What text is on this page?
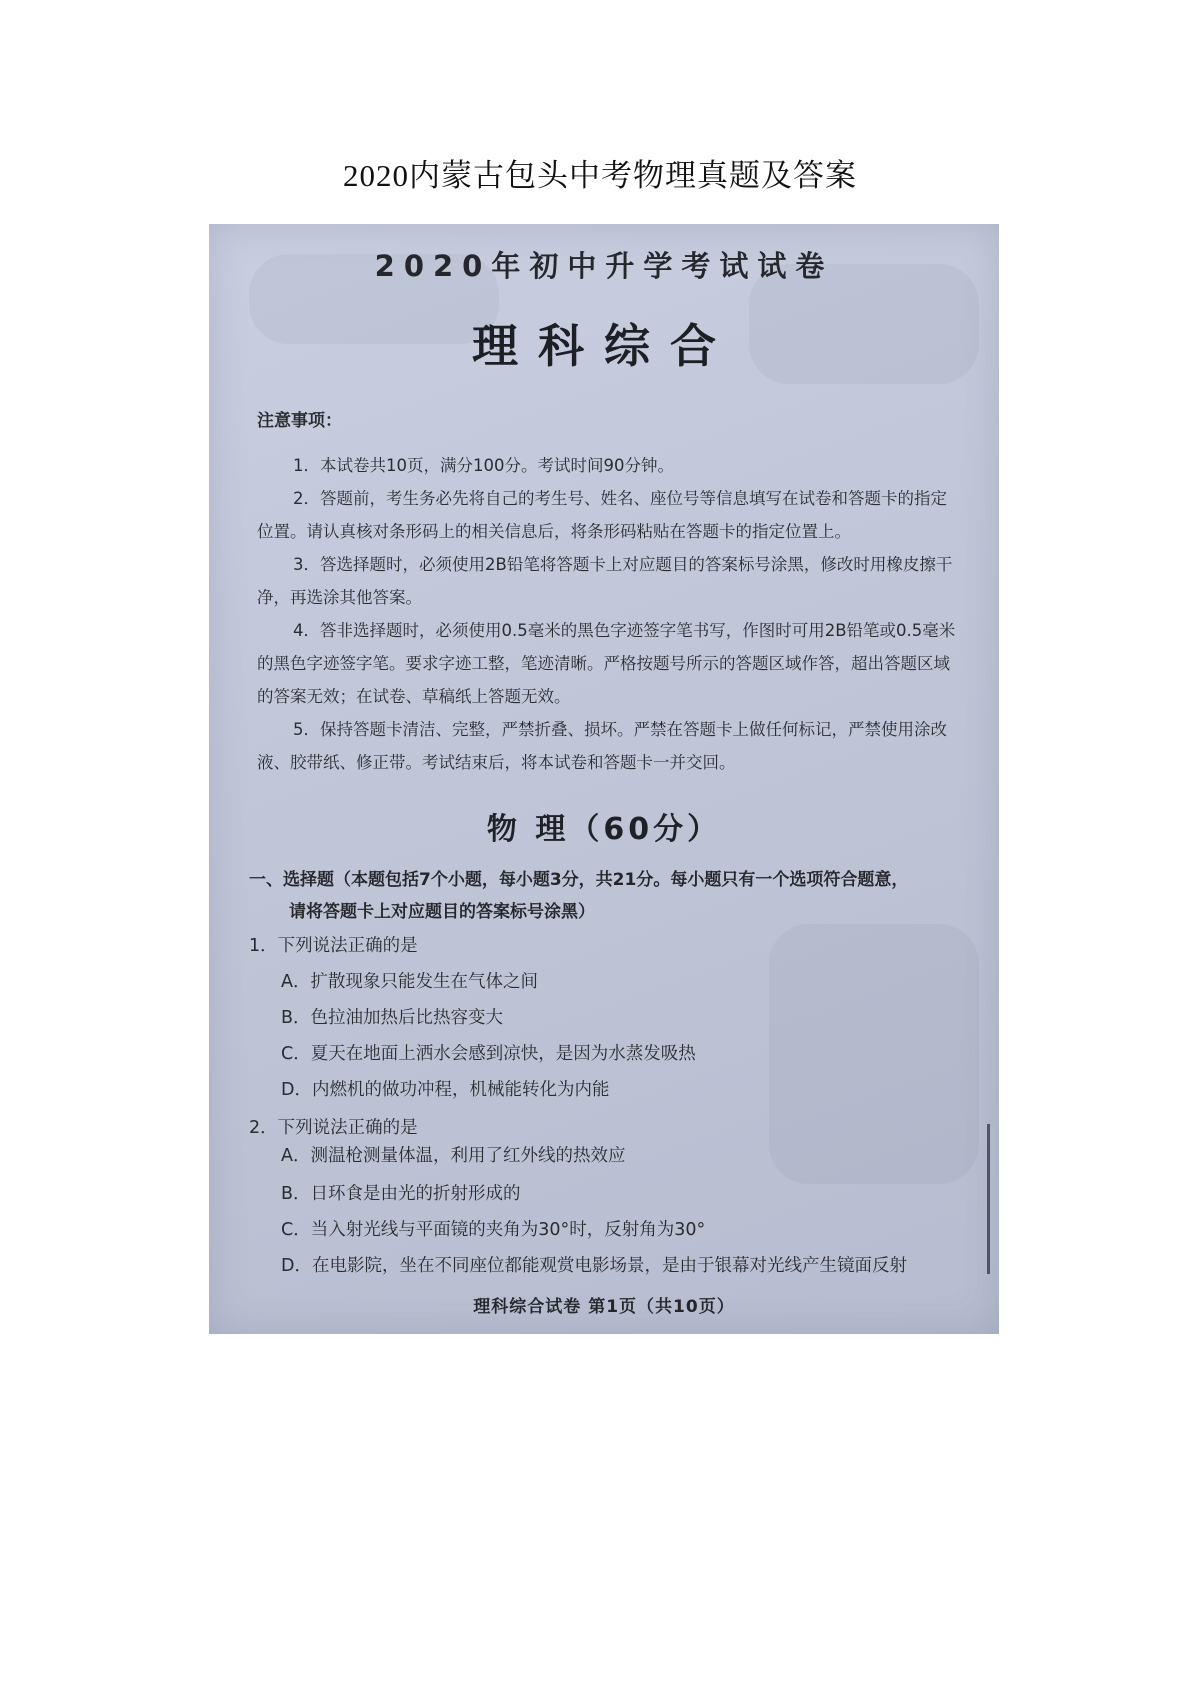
2020内蒙古包头中考物理真题及答案
2020年初中升学考试试卷
理科综合
注意事项：
1．本试卷共10页，满分100分。考试时间90分钟。
2．答题前，考生务必先将自己的考生号、姓名、座位号等信息填写在试卷和答题卡的指定位置。请认真核对条形码上的相关信息后，将条形码粘贴在答题卡的指定位置上。
3．答选择题时，必须使用2B铅笔将答题卡上对应题目的答案标号涂黑，修改时用橡皮擦干净，再选涂其他答案。
4．答非选择题时，必须使用0.5毫米的黑色字迹签字笔书写，作图时可用2B铅笔或0.5毫米的黑色字迹签字笔。要求字迹工整，笔迹清晰。严格按题号所示的答题区域作答，超出答题区域的答案无效；在试卷、草稿纸上答题无效。
5．保持答题卡清洁、完整，严禁折叠、损坏。严禁在答题卡上做任何标记，严禁使用涂改液、胶带纸、修正带。考试结束后，将本试卷和答题卡一并交回。
物 理（60分）
一、选择题（本题包括7个小题，每小题3分，共21分。每小题只有一个选项符合题意，
请将答题卡上对应题目的答案标号涂黑）
1．下列说法正确的是
A．扩散现象只能发生在气体之间
B．色拉油加热后比热容变大
C．夏天在地面上洒水会感到凉快，是因为水蒸发吸热
D．内燃机的做功冲程，机械能转化为内能
2．下列说法正确的是
A．测温枪测量体温，利用了红外线的热效应
B．日环食是由光的折射形成的
C．当入射光线与平面镜的夹角为30°时，反射角为30°
D．在电影院，坐在不同座位都能观赏电影场景，是由于银幕对光线产生镜面反射
理科综合试卷 第1页（共10页）
